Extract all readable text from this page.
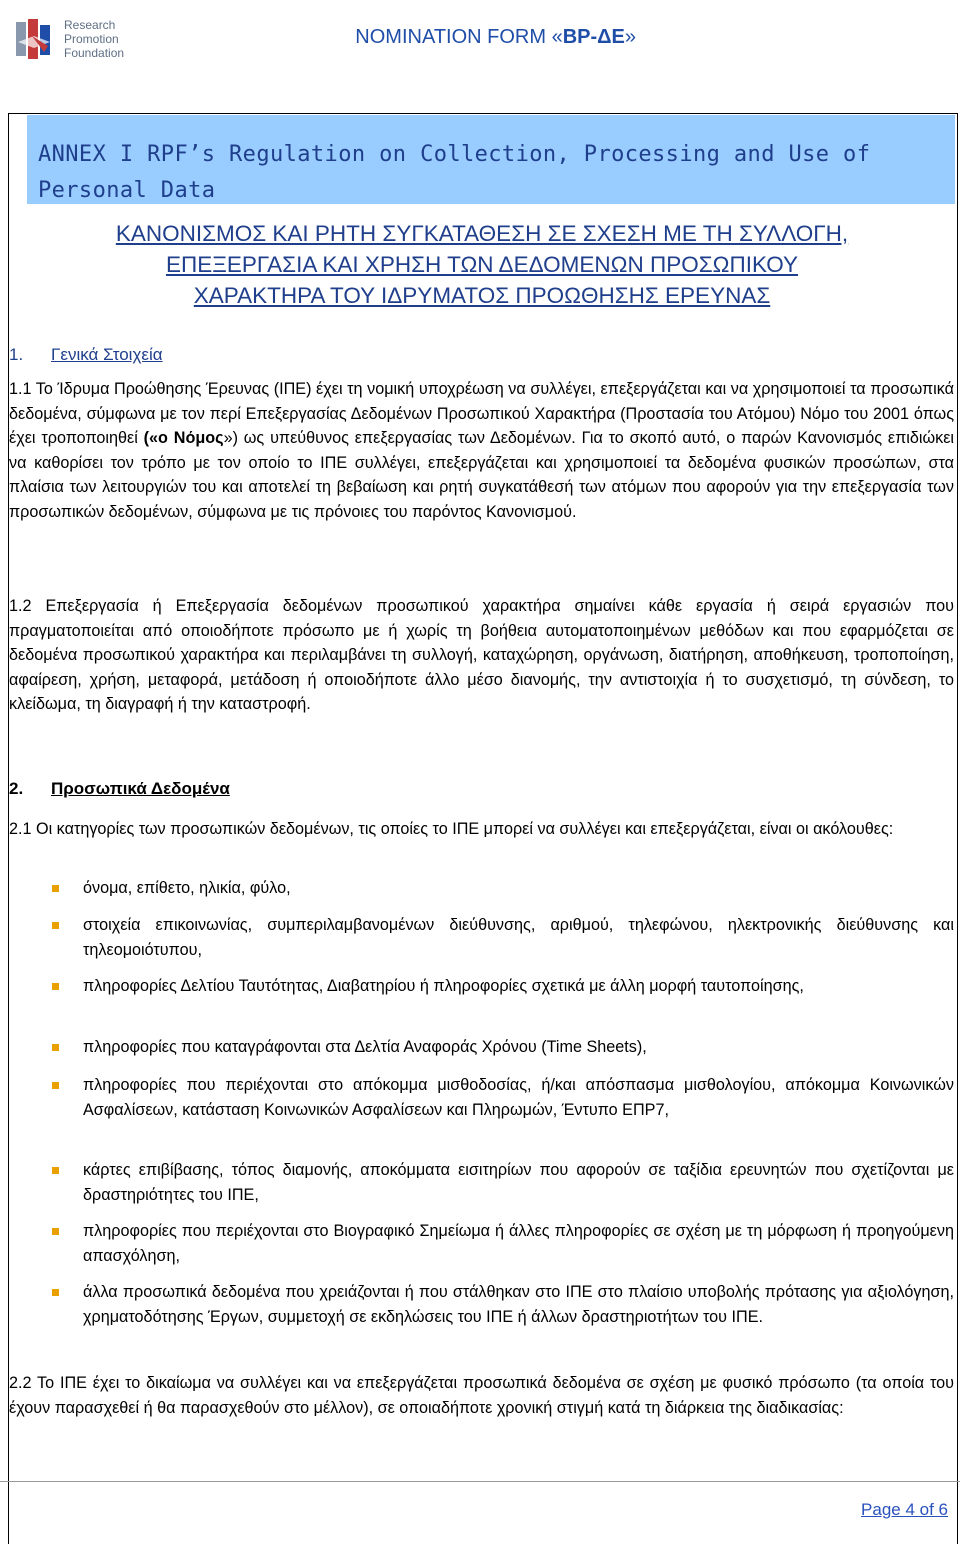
Research
Promotion
Foundation
NOMINATION FORM «ΒΡ-ΔΕ»
ANNEX I RPF’s Regulation on Collection, Processing and Use of Personal Data
ΚΑΝΟΝΙΣΜΟΣ ΚΑΙ ΡΗΤΗ ΣΥΓΚΑΤΑΘΕΣΗ ΣΕ ΣΧΕΣΗ ΜΕ ΤΗ ΣΥΛΛΟΓΗ,
ΕΠΕΞΕΡΓΑΣΙΑ ΚΑΙ ΧΡΗΣΗ ΤΩΝ ΔΕΔΟΜΕΝΩΝ ΠΡΟΣΩΠΙΚΟΥ
ΧΑΡΑΚΤΗΡΑ ΤΟΥ ΙΔΡΥΜΑΤΟΣ ΠΡΟΩΘΗΣΗΣ ΕΡΕΥΝΑΣ
1. Γενικά Στοιχεία
1.1 Το Ίδρυμα Προώθησης Έρευνας (ΙΠΕ) έχει τη νομική υποχρέωση να συλλέγει, επεξεργάζεται και να χρησιμοποιεί τα προσωπικά δεδομένα, σύμφωνα με τον περί Επεξεργασίας Δεδομένων Προσωπικού Χαρακτήρα (Προστασία του Ατόμου) Νόμο του 2001 όπως έχει τροποποιηθεί («ο Νόμος») ως υπεύθυνος επεξεργασίας των Δεδομένων. Για το σκοπό αυτό, ο παρών Κανονισμός επιδιώκει να καθορίσει τον τρόπο με τον οποίο το ΙΠΕ συλλέγει, επεξεργάζεται και χρησιμοποιεί τα δεδομένα φυσικών προσώπων, στα πλαίσια των λειτουργιών του και αποτελεί τη βεβαίωση και ρητή συγκατάθεσή των ατόμων που αφορούν για την επεξεργασία των προσωπικών δεδομένων, σύμφωνα με τις πρόνοιες του παρόντος Κανονισμού.
1.2 Επεξεργασία ή Επεξεργασία δεδομένων προσωπικού χαρακτήρα σημαίνει κάθε εργασία ή σειρά εργασιών που πραγματοποιείται από οποιοδήποτε πρόσωπο με ή χωρίς τη βοήθεια αυτοματοποιημένων μεθόδων και που εφαρμόζεται σε δεδομένα προσωπικού χαρακτήρα και περιλαμβάνει τη συλλογή, καταχώρηση, οργάνωση, διατήρηση, αποθήκευση, τροποποίηση, αφαίρεση, χρήση, μεταφορά, μετάδοση ή οποιοδήποτε άλλο μέσο διανομής, την αντιστοιχία ή το συσχετισμό, τη σύνδεση, το κλείδωμα, τη διαγραφή ή την καταστροφή.
2. Προσωπικά Δεδομένα
2.1 Οι κατηγορίες των προσωπικών δεδομένων, τις οποίες το ΙΠΕ μπορεί να συλλέγει και επεξεργάζεται, είναι οι ακόλουθες:
όνομα, επίθετο, ηλικία, φύλο,
στοιχεία επικοινωνίας, συμπεριλαμβανομένων διεύθυνσης, αριθμού, τηλεφώνου, ηλεκτρονικής διεύθυνσης και τηλεομοιότυπου,
πληροφορίες Δελτίου Ταυτότητας, Διαβατηρίου ή πληροφορίες σχετικά με άλλη μορφή ταυτοποίησης,
πληροφορίες που καταγράφονται στα Δελτία Αναφοράς Χρόνου (Time Sheets),
πληροφορίες που περιέχονται στο απόκομμα μισθοδοσίας, ή/και απόσπασμα μισθολογίου, απόκομμα Κοινωνικών Ασφαλίσεων, κατάσταση Κοινωνικών Ασφαλίσεων και Πληρωμών, Έντυπο ΕΠΡ7,
κάρτες επιβίβασης, τόπος διαμονής, αποκόμματα εισιτηρίων που αφορούν σε ταξίδια ερευνητών που σχετίζονται με δραστηριότητες του ΙΠΕ,
πληροφορίες που περιέχονται στο Βιογραφικό Σημείωμα ή άλλες πληροφορίες σε σχέση με τη μόρφωση ή προηγούμενη απασχόληση,
άλλα προσωπικά δεδομένα που χρειάζονται ή που στάλθηκαν στο ΙΠΕ στο πλαίσιο υποβολής πρότασης για αξιολόγηση, χρηματοδότησης Έργων, συμμετοχή σε εκδηλώσεις του ΙΠΕ ή άλλων δραστηριοτήτων του ΙΠΕ.
2.2 Το ΙΠΕ έχει το δικαίωμα να συλλέγει και να επεξεργάζεται προσωπικά δεδομένα σε σχέση με φυσικό πρόσωπο (τα οποία του έχουν παρασχεθεί ή θα παρασχεθούν στο μέλλον), σε οποιαδήποτε χρονική στιγμή κατά τη διάρκεια της διαδικασίας:
Page 4 of 6
